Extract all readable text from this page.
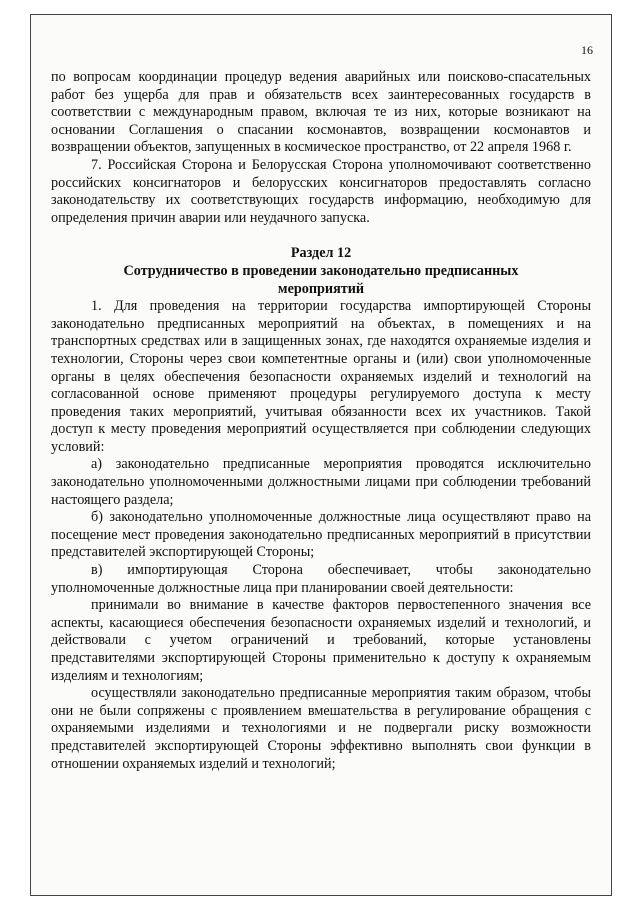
16

по вопросам координации процедур ведения аварийных или поисково-спасательных работ без ущерба для прав и обязательств всех заинтересованных государств в соответствии с международным правом, включая те из них, которые возникают на основании Соглашения о спасании космонавтов, возвращении космонавтов и возвращении объектов, запущенных в космическое пространство, от 22 апреля 1968 г.

7. Российская Сторона и Белорусская Сторона уполномочивают соответственно российских консигнаторов и белорусских консигнаторов предоставлять согласно законодательству их соответствующих государств информацию, необходимую для определения причин аварии или неудачного запуска.

Раздел 12

Сотрудничество в проведении законодательно предписанных мероприятий

1. Для проведения на территории государства импортирующей Стороны законодательно предписанных мероприятий на объектах, в помещениях и на транспортных средствах или в защищенных зонах, где находятся охраняемые изделия и технологии, Стороны через свои компетентные органы и (или) свои уполномоченные органы в целях обеспечения безопасности охраняемых изделий и технологий на согласованной основе применяют процедуры регулируемого доступа к месту проведения таких мероприятий, учитывая обязанности всех их участников. Такой доступ к месту проведения мероприятий осуществляется при соблюдении следующих условий:

а) законодательно предписанные мероприятия проводятся исключительно законодательно уполномоченными должностными лицами при соблюдении требований настоящего раздела;

б) законодательно уполномоченные должностные лица осуществляют право на посещение мест проведения законодательно предписанных мероприятий в присутствии представителей экспортирующей Стороны;

в) импортирующая Сторона обеспечивает, чтобы законодательно уполномоченные должностные лица при планировании своей деятельности:

принимали во внимание в качестве факторов первостепенного значения все аспекты, касающиеся обеспечения безопасности охраняемых изделий и технологий, и действовали с учетом ограничений и требований, которые установлены представителями экспортирующей Стороны применительно к доступу к охраняемым изделиям и технологиям;

осуществляли законодательно предписанные мероприятия таким образом, чтобы они не были сопряжены с проявлением вмешательства в регулирование обращения с охраняемыми изделиями и технологиями и не подвергали риску возможности представителей экспортирующей Стороны эффективно выполнять свои функции в отношении охраняемых изделий и технологий;
